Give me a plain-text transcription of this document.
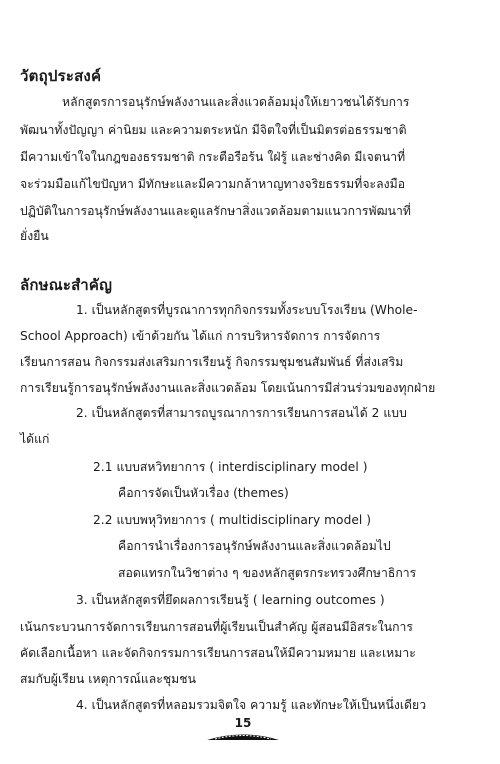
วัตถุประสงค์
หลักสูตรการอนุรักษ์พลังงานและสิ่งแวดล้อมมุ่งให้เยาวชนได้รับการ
พัฒนาทั้งปัญญา ค่านิยม และความตระหนัก มีจิตใจที่เป็นมิตรต่อธรรมชาติ
มีความเข้าใจในกฎของธรรมชาติ กระตือรือร้น ใฝ่รู้ และช่างคิด มีเจตนาที่
จะร่วมมือแก้ไขปัญหา มีทักษะและมีความกล้าหาญทางจริยธรรมที่จะลงมือ
ปฏิบัติในการอนุรักษ์พลังงานและดูแลรักษาสิ่งแวดล้อมตามแนวการพัฒนาที่
ยั่งยืน
ลักษณะสำคัญ
1. เป็นหลักสูตรที่บูรณาการทุกกิจกรรมทั้งระบบโรงเรียน (Whole-
School Approach) เข้าด้วยกัน ได้แก่ การบริหารจัดการ การจัดการ
เรียนการสอน กิจกรรมส่งเสริมการเรียนรู้ กิจกรรมชุมชนสัมพันธ์ ที่ส่งเสริม
การเรียนรู้การอนุรักษ์พลังงานและสิ่งแวดล้อม โดยเน้นการมีส่วนร่วมของทุกฝ่าย
2. เป็นหลักสูตรที่สามารถบูรณาการการเรียนการสอนได้ 2 แบบ
ได้แก่
2.1 แบบสหวิทยาการ ( interdisciplinary model )
คือการจัดเป็นหัวเรื่อง (themes)
2.2 แบบพหุวิทยาการ ( multidisciplinary model )
คือการนำเรื่องการอนุรักษ์พลังงานและสิ่งแวดล้อมไป
สอดแทรกในวิชาต่าง ๆ ของหลักสูตรกระทรวงศึกษาธิการ
3. เป็นหลักสูตรที่ยึดผลการเรียนรู้ ( learning outcomes )
เน้นกระบวนการจัดการเรียนการสอนที่ผู้เรียนเป็นสำคัญ ผู้สอนมีอิสระในการ
คัดเลือกเนื้อหา และจัดกิจกรรมการเรียนการสอนให้มีความหมาย และเหมาะ
สมกับผู้เรียน เหตุการณ์และชุมชน
4. เป็นหลักสูตรที่หลอมรวมจิตใจ ความรู้ และทักษะให้เป็นหนึ่งเดียว
15
